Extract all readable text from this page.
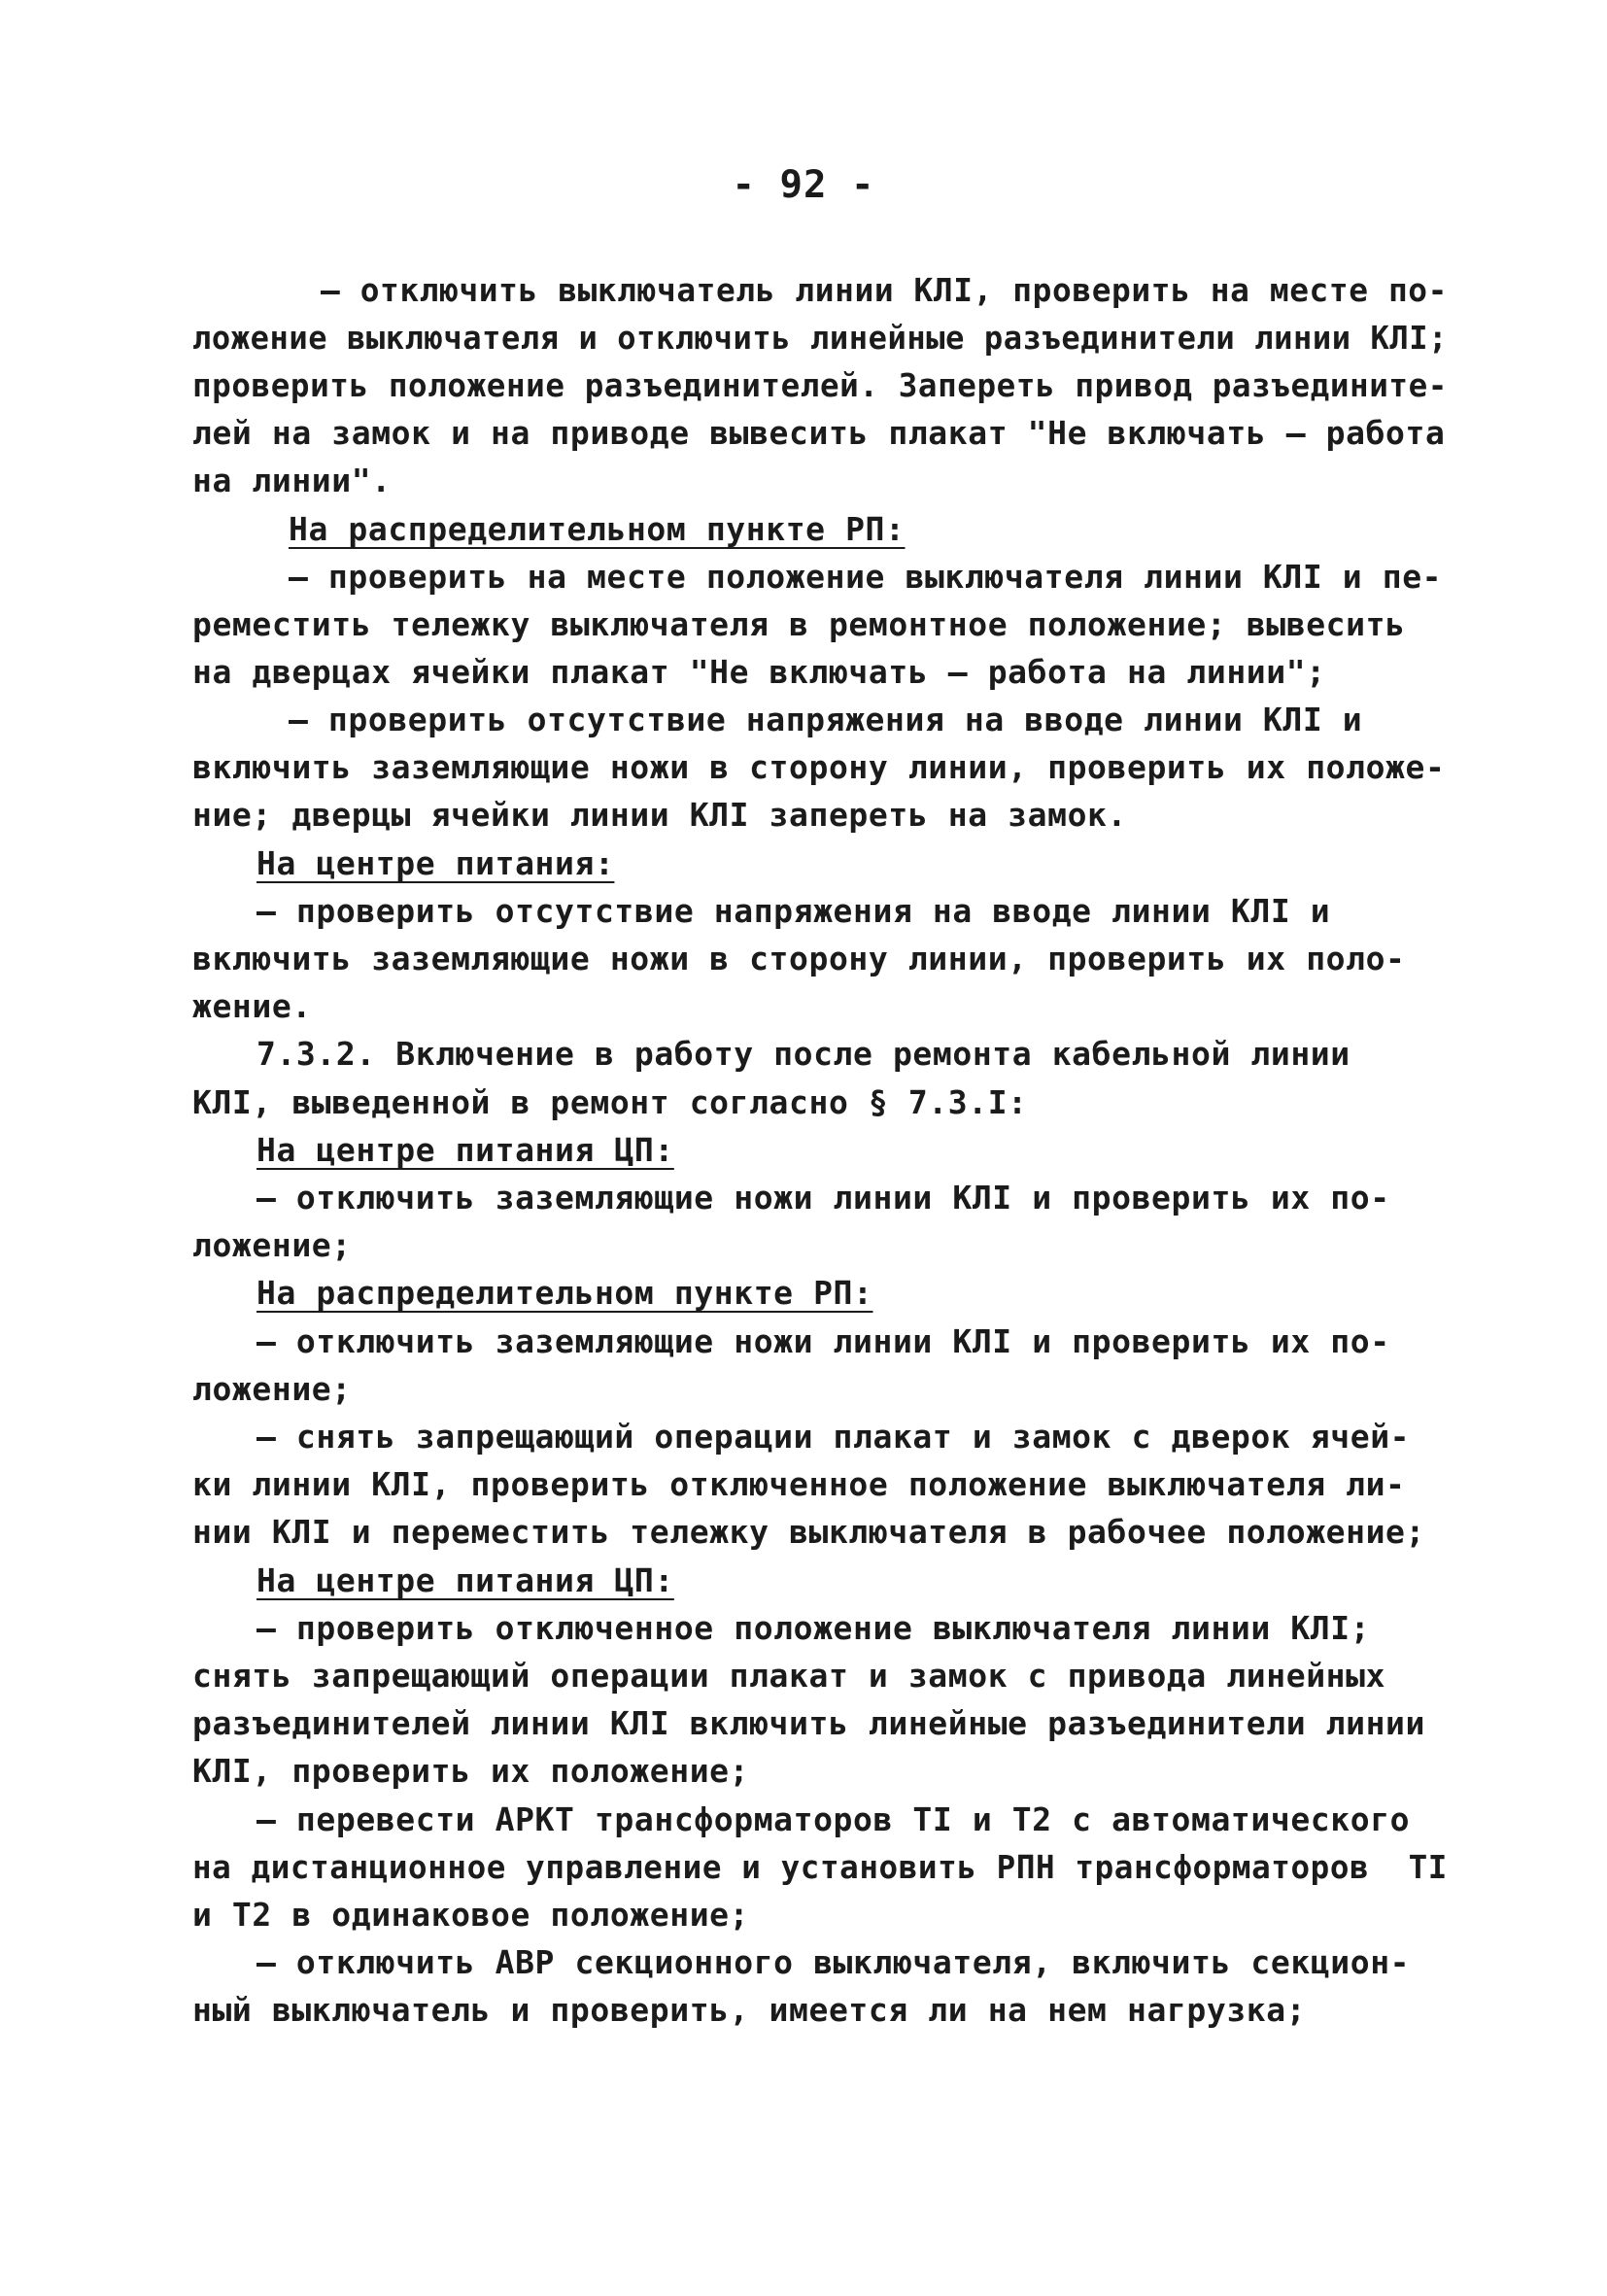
- 92 -
– отключить выключатель линии КЛI, проверить на месте по-
ложение выключателя и отключить линейные разъединители линии КЛI;
проверить положение разъединителей. Запереть привод разъедините-
лей на замок и на приводе вывесить плакат "Не включать – работа
на линии".
На распределительном пункте РП:
– проверить на месте положение выключателя линии КЛI и пе-
реместить тележку выключателя в ремонтное положение; вывесить
на дверцах ячейки плакат "Не включать – работа на линии";
– проверить отсутствие напряжения на вводе линии КЛI и
включить заземляющие ножи в сторону линии, проверить их положе-
ние; дверцы ячейки линии КЛI запереть на замок.
На центре питания:
– проверить отсутствие напряжения на вводе линии КЛI и
включить заземляющие ножи в сторону линии, проверить их поло-
жение.
7.3.2. Включение в работу после ремонта кабельной линии
КЛI, выведенной в ремонт согласно § 7.3.I:
На центре питания ЦП:
– отключить заземляющие ножи линии КЛI и проверить их по-
ложение;
На распределительном пункте РП:
– отключить заземляющие ножи линии КЛI и проверить их по-
ложение;
– снять запрещающий операции плакат и замок с дверок ячей-
ки линии КЛI, проверить отключенное положение выключателя ли-
нии КЛI и переместить тележку выключателя в рабочее положение;
На центре питания ЦП:
– проверить отключенное положение выключателя линии КЛI;
снять запрещающий операции плакат и замок с привода линейных
разъединителей линии КЛI включить линейные разъединители линии
КЛI, проверить их положение;
– перевести АРКТ трансформаторов ТI и Т2 с автоматического
на дистанционное управление и установить РПН трансформаторов  ТI
и Т2 в одинаковое положение;
– отключить АВР секционного выключателя, включить секцион-
ный выключатель и проверить, имеется ли на нем нагрузка;
